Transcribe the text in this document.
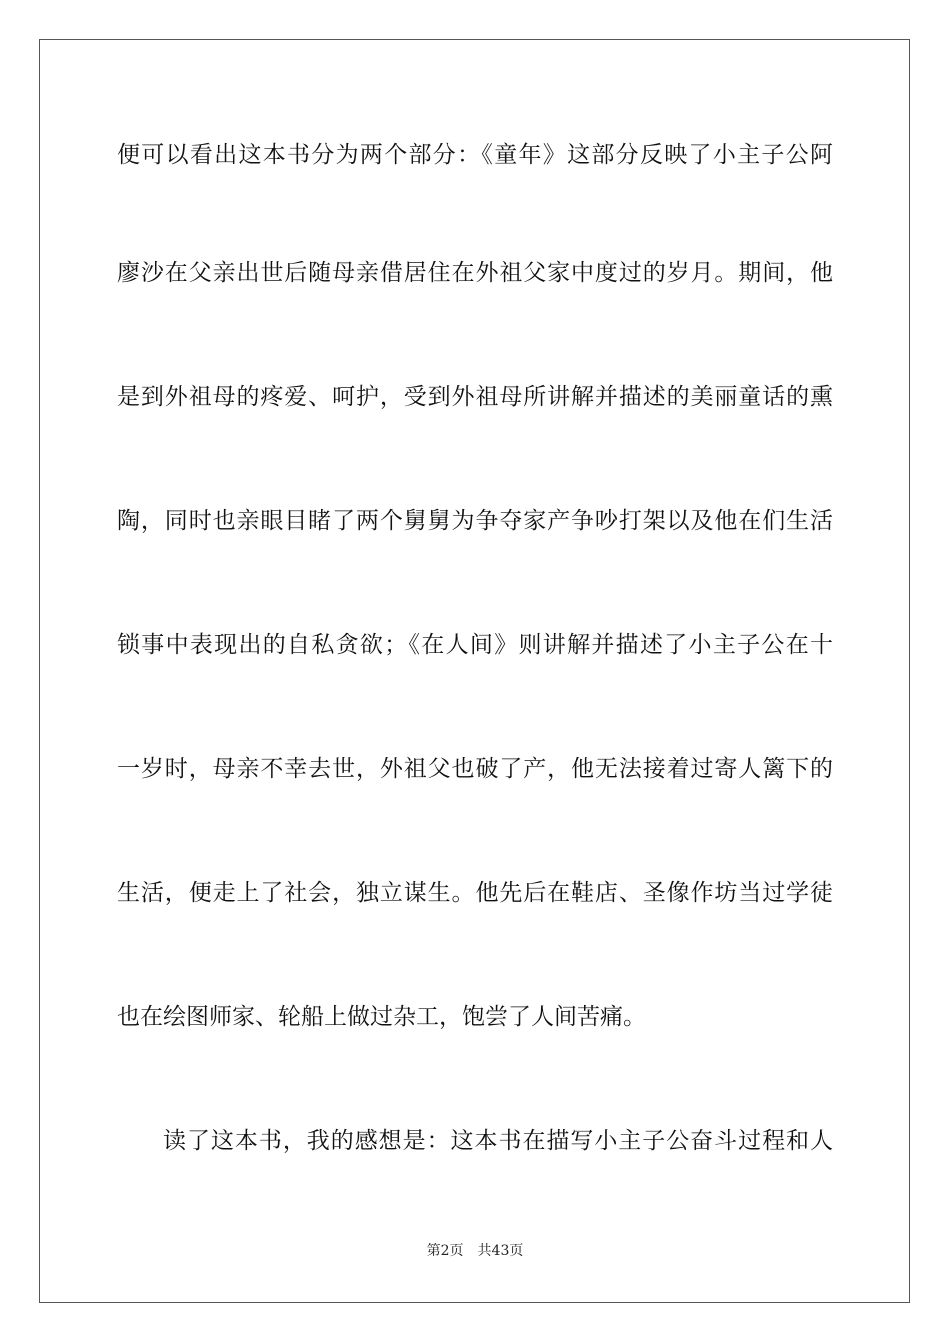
便可以看出这本书分为两个部分：《童年》这部分反映了小主子公阿
廖沙在父亲出世后随母亲借居住在外祖父家中度过的岁月。期间，他
是到外祖母的疼爱、呵护，受到外祖母所讲解并描述的美丽童话的熏
陶，同时也亲眼目睹了两个舅舅为争夺家产争吵打架以及他在们生活
锁事中表现出的自私贪欲；《在人间》则讲解并描述了小主子公在十
一岁时，母亲不幸去世，外祖父也破了产，他无法接着过寄人篱下的
生活，便走上了社会，独立谋生。他先后在鞋店、圣像作坊当过学徒
也在绘图师家、轮船上做过杂工，饱尝了人间苦痛。
读了这本书，我的感想是：这本书在描写小主子公奋斗过程和人
第2页 共43页
